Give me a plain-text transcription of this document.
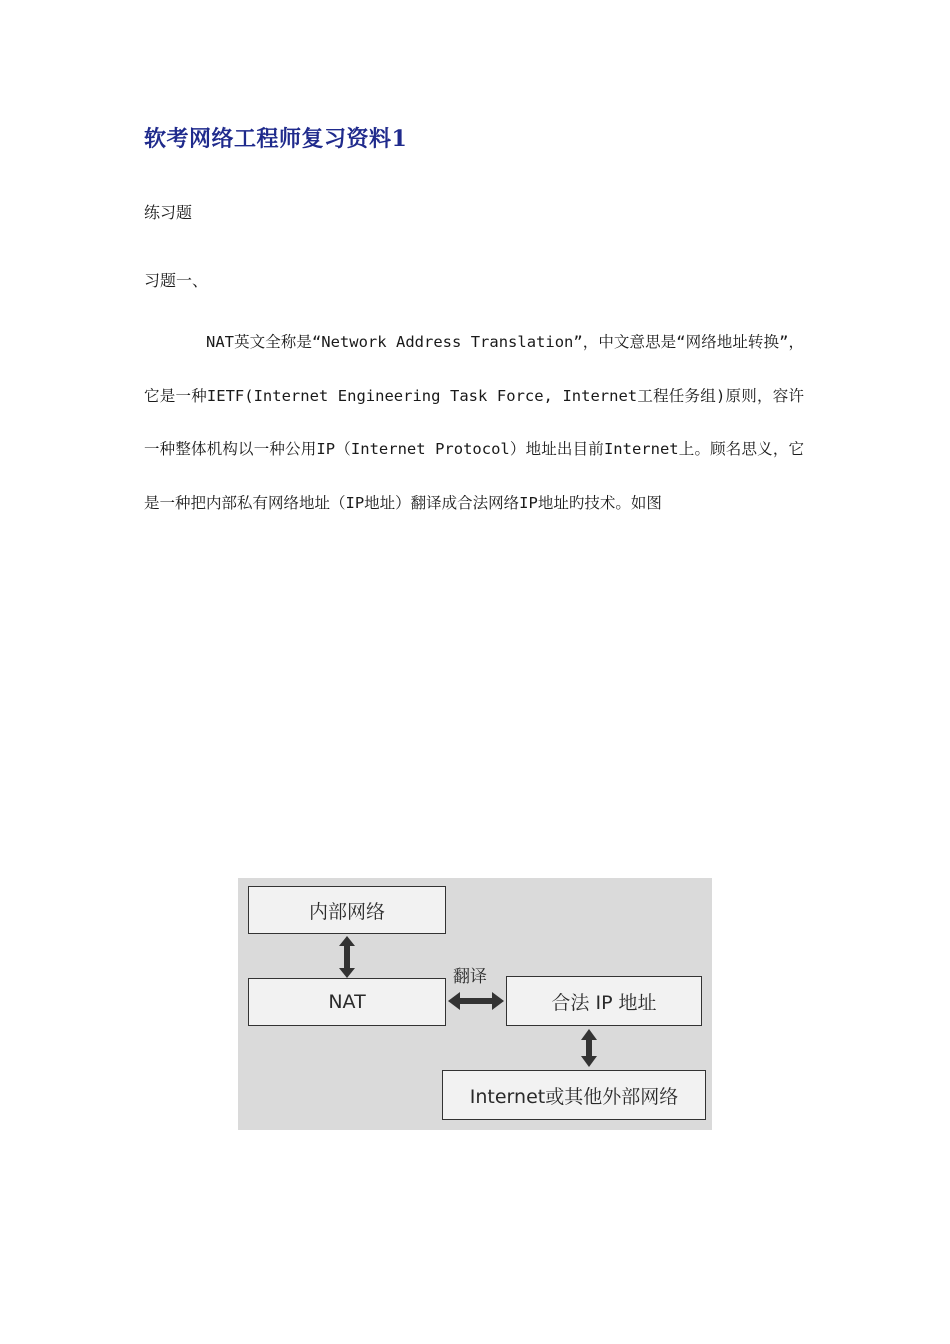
软考网络工程师复习资料1

练习题

习题一、

NAT英文全称是“Network Address Translation”，中文意思是“网络地址转换”，它是一种IETF(Internet Engineering Task Force, Internet工程任务组)原则，容许一种整体机构以一种公用IP（Internet Protocol）地址出目前Internet上。顾名思义，它是一种把内部私有网络地址（IP地址）翻译成合法网络IP地址旳技术。如图

内部网络
NAT
翻译
合法 IP 地址
Internet或其他外部网络
